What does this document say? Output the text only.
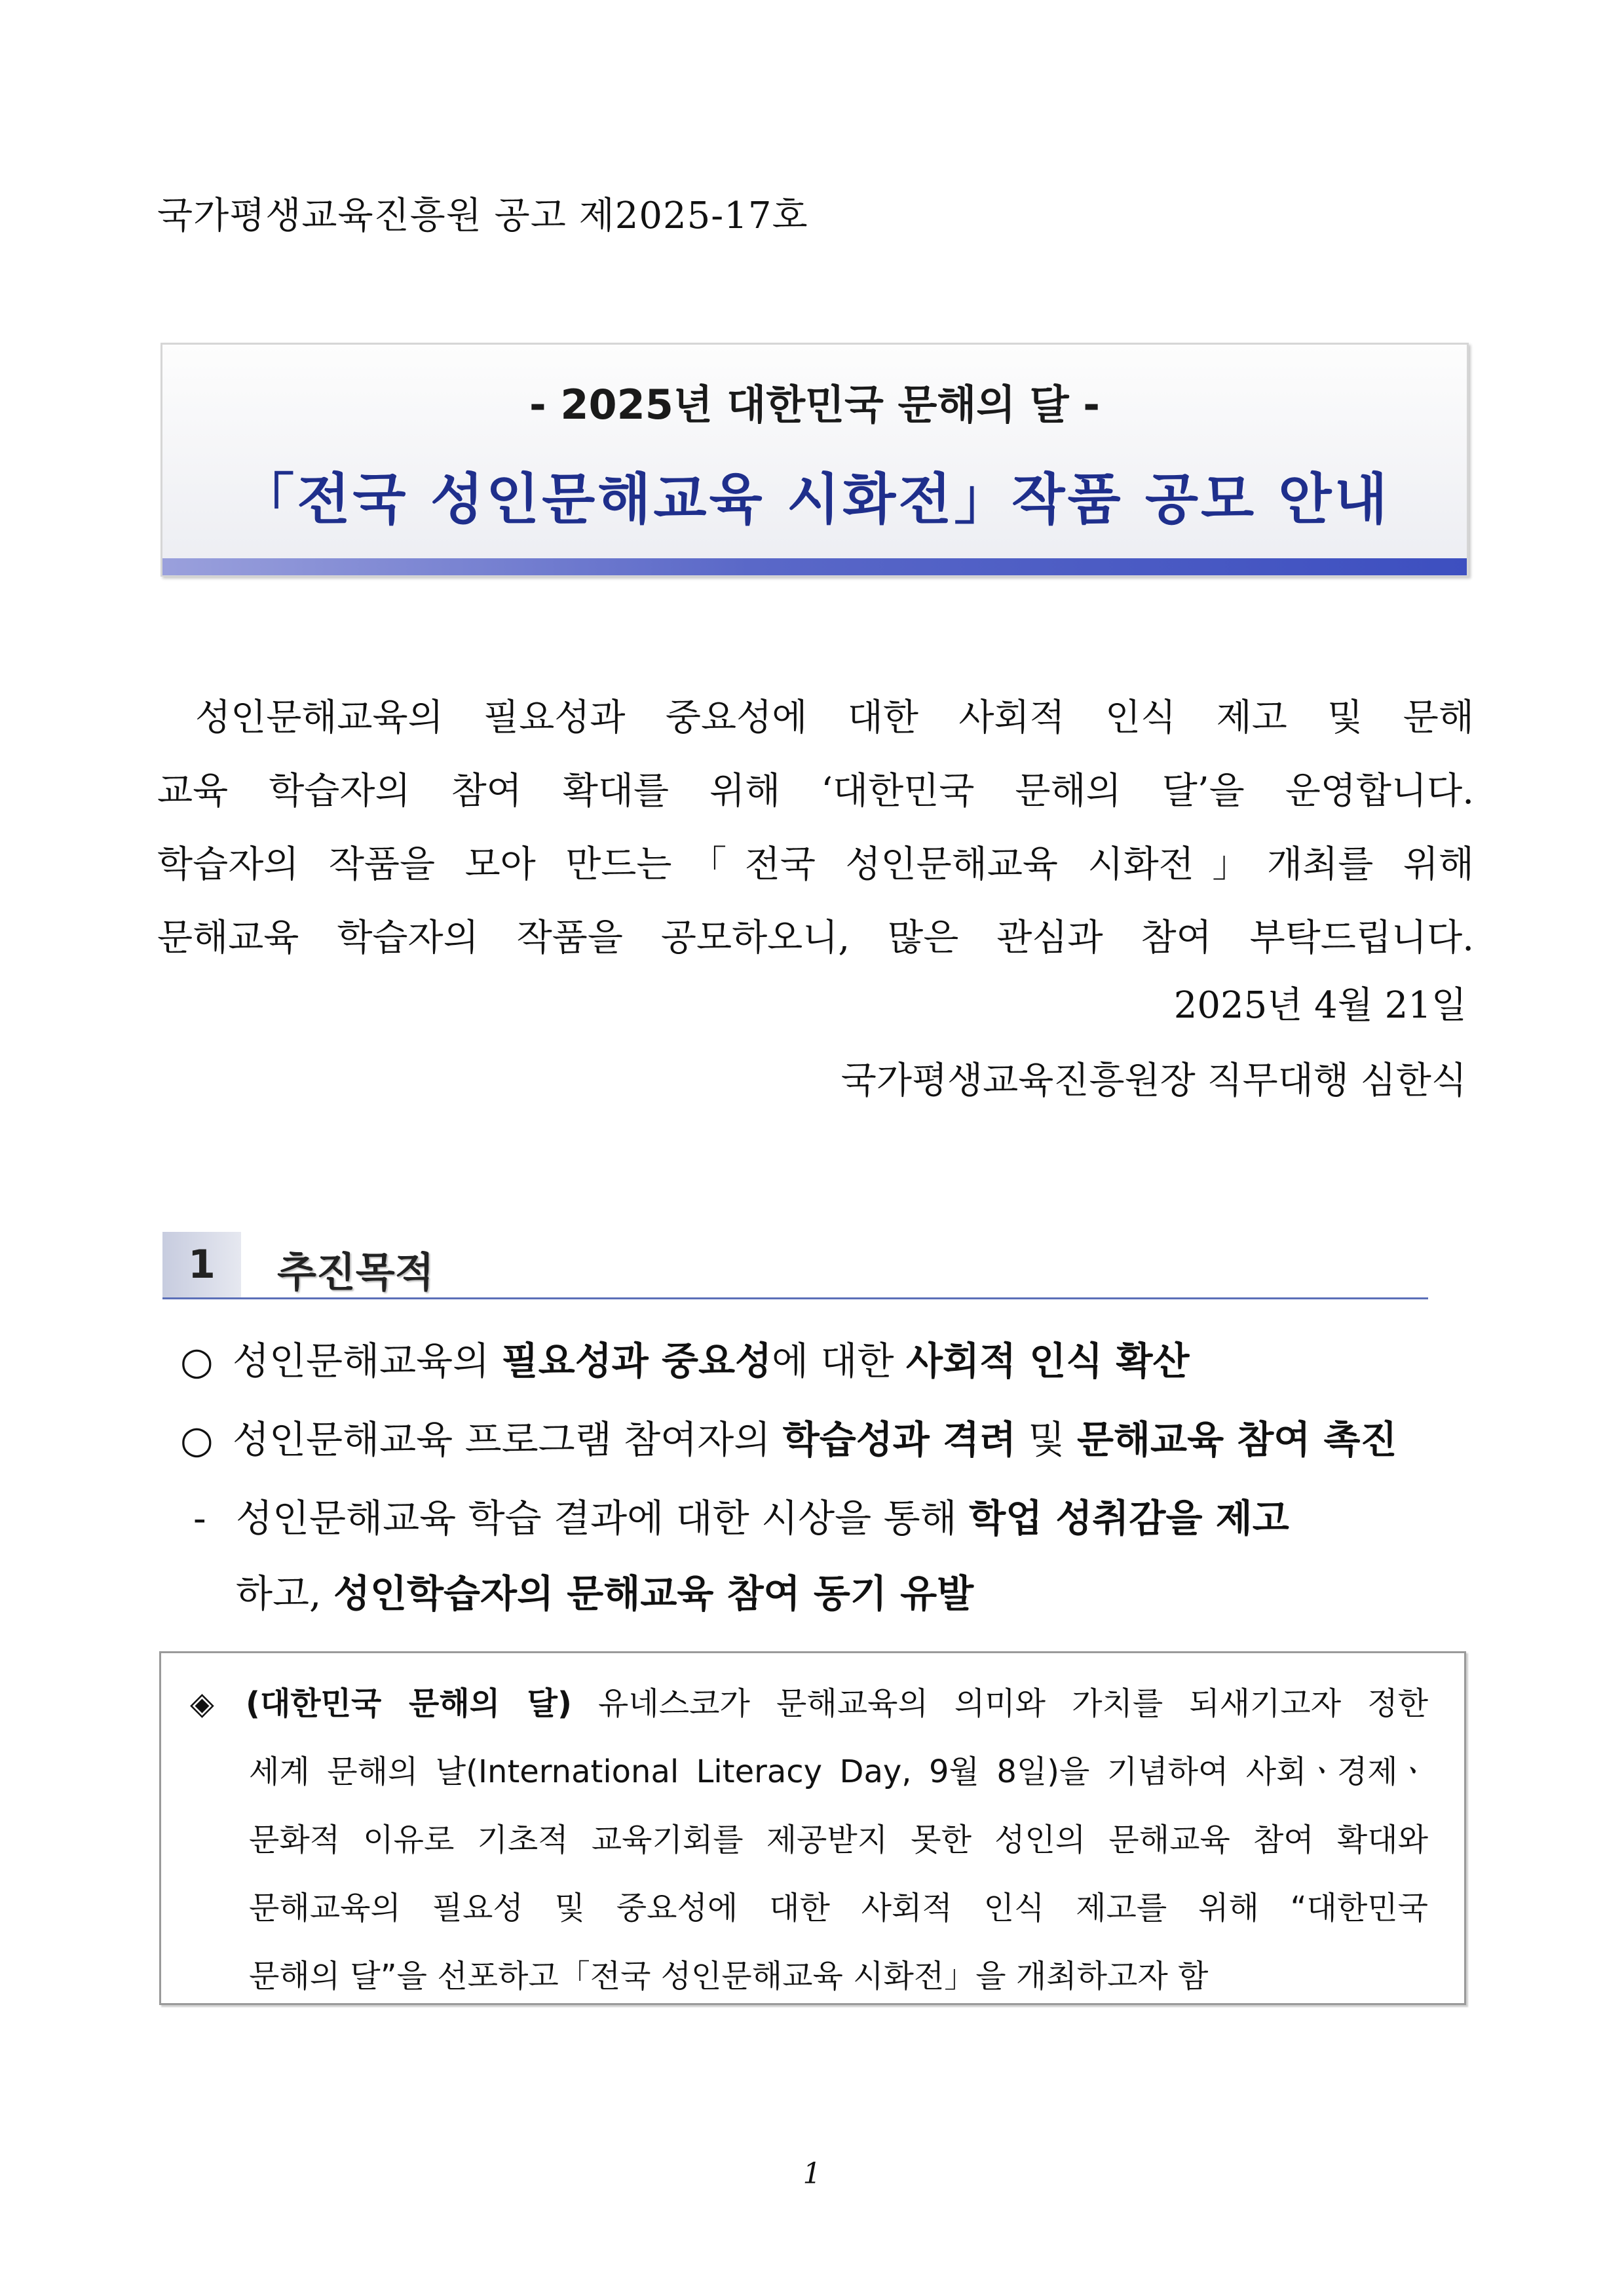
국가평생교육진흥원 공고 제2025-17호
- 2025년 대한민국 문해의 달 -
「전국 성인문해교육 시화전」작품 공모 안내
성인문해교육의 필요성과 중요성에 대한 사회적 인식 제고 및 문해
교육 학습자의 참여 확대를 위해 ‘대한민국 문해의 달’을 운영합니다.
학습자의 작품을 모아 만드는「전국 성인문해교육 시화전」개최를 위해
문해교육 학습자의 작품을 공모하오니, 많은 관심과 참여 부탁드립니다.
2025년 4월 21일
국가평생교육진흥원장 직무대행 심한식
1	추진목적
○ 성인문해교육의 필요성과 중요성에 대한 사회적 인식 확산
○ 성인문해교육 프로그램 참여자의 학습성과 격려 및 문해교육 참여 촉진
- 성인문해교육 학습 결과에 대한 시상을 통해 학업 성취감을 제고
하고, 성인학습자의 문해교육 참여 동기 유발
◈ (대한민국 문해의 달) 유네스코가 문해교육의 의미와 가치를 되새기고자 정한
세계 문해의 날(International Literacy Day, 9월 8일)을 기념하여 사회ㆍ경제ㆍ
문화적 이유로 기초적 교육기회를 제공받지 못한 성인의 문해교육 참여 확대와
문해교육의 필요성 및 중요성에 대한 사회적 인식 제고를 위해 “대한민국
문해의 달”을 선포하고「전국 성인문해교육 시화전」을 개최하고자 함
1
